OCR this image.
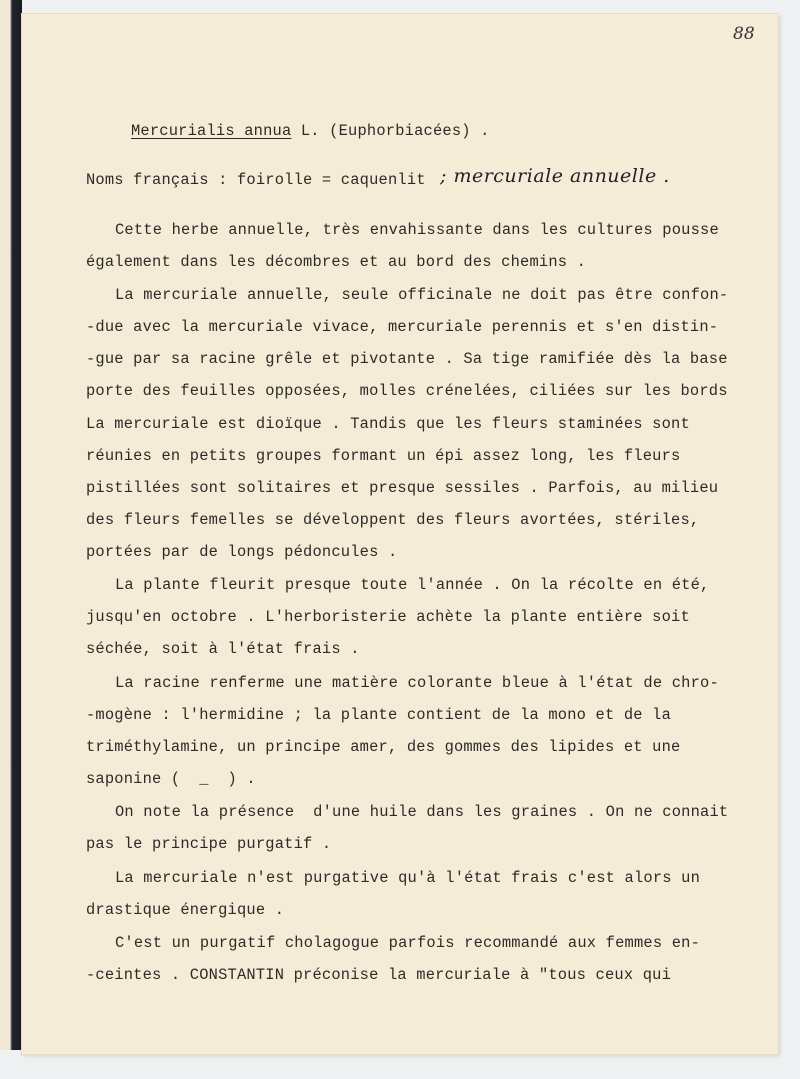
88
Mercurialis annua L. (Euphorbiacées) .
Noms français : foirolle = caquenlit ; mercuriale annuelle .
Cette herbe annuelle, très envahissante dans les cultures pousse
également dans les décombres et au bord des chemins .
La mercuriale annuelle, seule officinale ne doit pas être confon-
-due avec la mercuriale vivace, mercuriale perennis et s'en distin-
-gue par sa racine grêle et pivotante . Sa tige ramifiée dès la base
porte des feuilles opposées, molles crénelées, ciliées sur les bords
La mercuriale est dioïque . Tandis que les fleurs staminées sont
réunies en petits groupes formant un épi assez long, les fleurs
pistillées sont solitaires et presque sessiles . Parfois, au milieu
des fleurs femelles se développent des fleurs avortées, stériles,
portées par de longs pédoncules .
La plante fleurit presque toute l'année . On la récolte en été,
jusqu'en octobre . L'herboristerie achète la plante entière soit
séchée, soit à l'état frais .
La racine renferme une matière colorante bleue à l'état de chro-
-mogène : l'hermidine ; la plante contient de la mono et de la
triméthylamine, un principe amer, des gommes des lipides et une
saponine (  _  ) .
On note la présence  d'une huile dans les graines . On ne connait
pas le principe purgatif .
La mercuriale n'est purgative qu'à l'état frais c'est alors un
drastique énergique .
C'est un purgatif cholagogue parfois recommandé aux femmes en-
-ceintes . CONSTANTIN préconise la mercuriale à "tous ceux qui
